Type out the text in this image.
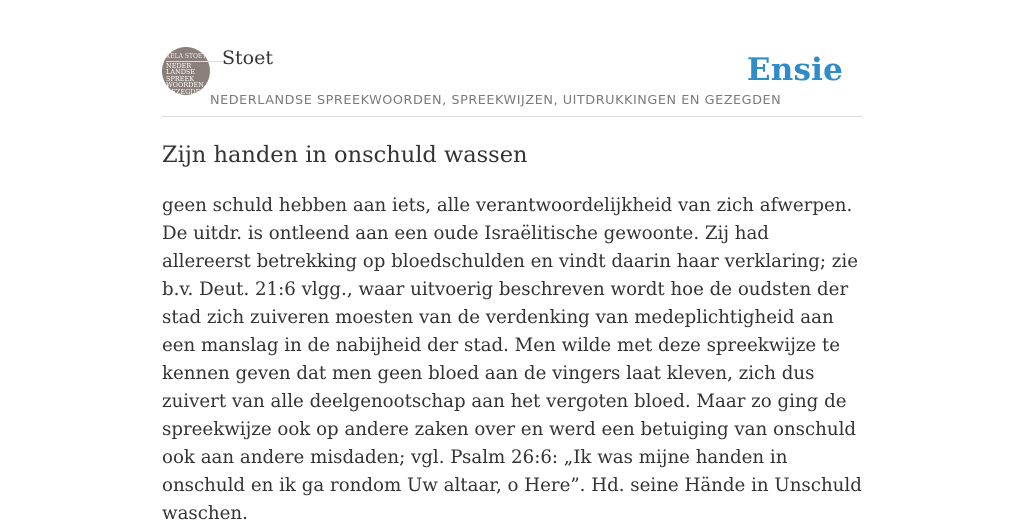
XELA STOET
NEDER
LANDSE
SPREEK
WOORDEN EN
GEZEGDEN
Stoet	Ensie
NEDERLANDSE SPREEKWOORDEN, SPREEKWIJZEN, UITDRUKKINGEN EN GEZEGDEN
Zijn handen in onschuld wassen

geen schuld hebben aan iets, alle verantwoordelijkheid van zich afwerpen. De uitdr. is ontleend aan een oude Israëlitische gewoonte. Zij had allereerst betrekking op bloedschulden en vindt daarin haar verklaring; zie b.v. Deut. 21:6 vlgg., waar uitvoerig beschreven wordt hoe de oudsten der stad zich zuiveren moesten van de verdenking van medeplichtigheid aan een manslag in de nabijheid der stad. Men wilde met deze spreekwijze te kennen geven dat men geen bloed aan de vingers laat kleven, zich dus zuivert van alle deelgenootschap aan het vergoten bloed. Maar zo ging de spreekwijze ook op andere zaken over en werd een betuiging van onschuld ook aan andere misdaden; vgl. Psalm 26:6: „Ik was mijne handen in onschuld en ik ga rondom Uw altaar, o Here”. Hd. seine Hände in Unschuld waschen.
